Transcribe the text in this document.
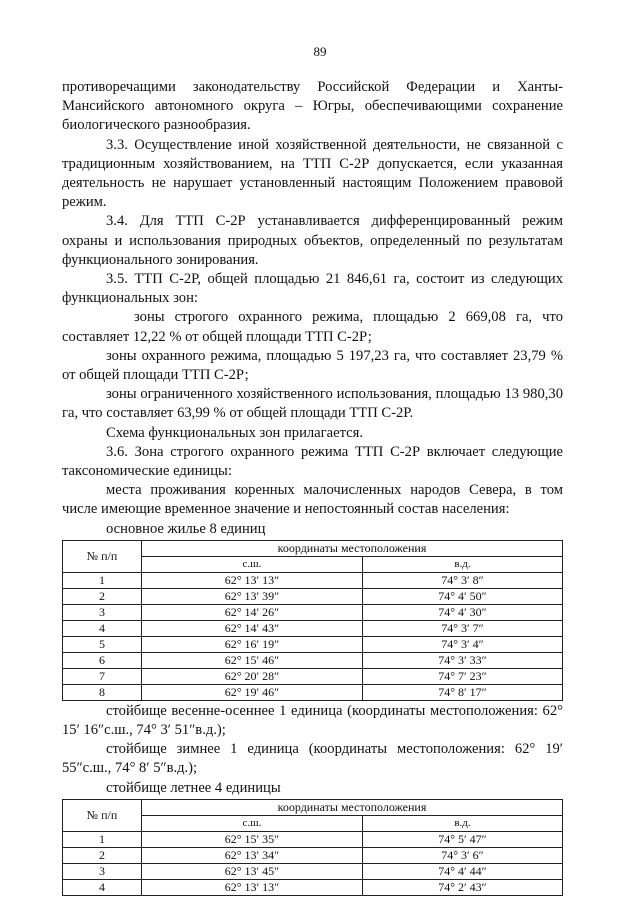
89

противоречащими законодательству Российской Федерации и Ханты-Мансийского автономного округа – Югры, обеспечивающими сохранение биологического разнообразия.

3.3. Осуществление иной хозяйственной деятельности, не связанной с традиционным хозяйствованием, на ТТП С-2Р допускается, если указанная деятельность не нарушает установленный настоящим Положением правовой режим.

3.4. Для ТТП С-2Р устанавливается дифференцированный режим охраны и использования природных объектов, определенный по результатам функционального зонирования.

3.5. ТТП С-2Р, общей площадью 21 846,61 га, состоит из следующих функциональных зон:

зоны строгого охранного режима, площадью 2 669,08 га, что составляет 12,22 % от общей площади ТТП С-2Р;

зоны охранного режима, площадью 5 197,23 га, что составляет 23,79 % от общей площади ТТП С-2Р;

зоны ограниченного хозяйственного использования, площадью 13 980,30 га, что составляет 63,99 % от общей площади ТТП С-2Р.

Схема функциональных зон прилагается.

3.6. Зона строгого охранного режима ТТП С-2Р включает следующие таксономические единицы:

места проживания коренных малочисленных народов Севера, в том числе имеющие временное значение и непостоянный состав населения:

основное жилье 8 единиц

№ п/п	координаты местоположения	
	с.ш.	в.д.
1	62° 13′ 13″	74° 3′ 8″
2	62° 13′ 39″	74° 4′ 50″
3	62° 14′ 26″	74° 4′ 30″
4	62° 14′ 43″	74° 3′ 7″
5	62° 16′ 19″	74° 3′ 4″
6	62° 15′ 46″	74° 3′ 33″
7	62° 20′ 28″	74° 7′ 23″
8	62° 19′ 46″	74° 8′ 17″

стойбище весенне-осеннее 1 единица (координаты местоположения: 62° 15′ 16″с.ш., 74° 3′ 51″в.д.);

стойбище зимнее 1 единица (координаты местоположения: 62° 19′ 55″с.ш., 74° 8′ 5″в.д.);

стойбище летнее 4 единицы

№ п/п	координаты местоположения	
	с.ш.	в.д.
1	62° 15′ 35″	74° 5′ 47″
2	62° 13′ 34″	74° 3′ 6″
3	62° 13′ 45″	74° 4′ 44″
4	62° 13′ 13″	74° 2′ 43″
